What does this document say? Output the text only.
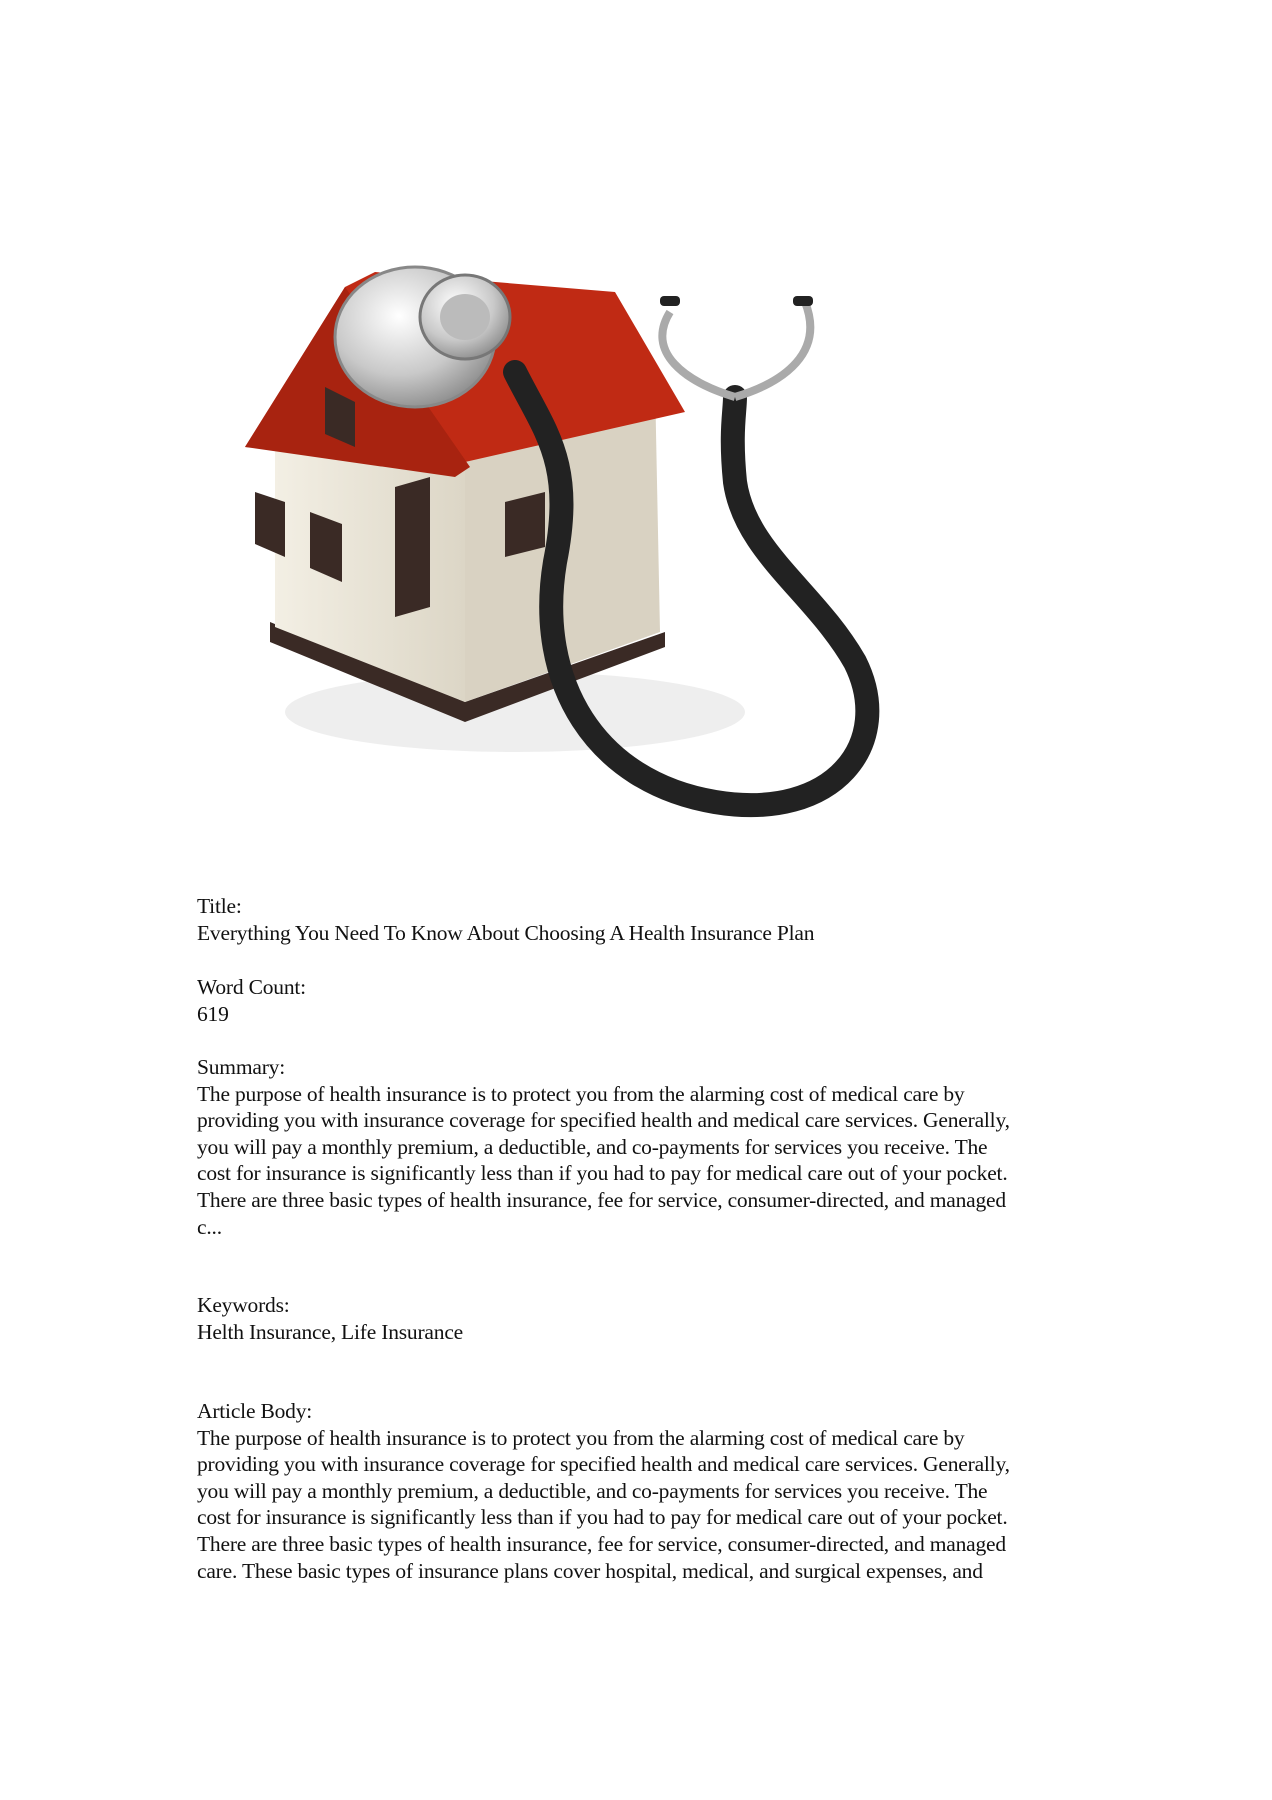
Title:
Everything You Need To Know About Choosing A Health Insurance Plan
Word Count:
619
Summary:
The purpose of health insurance is to protect you from the alarming cost of medical care by
providing you with insurance coverage for specified health and medical care services. Generally,
you will pay a monthly premium, a deductible, and co-payments for services you receive. The
cost for insurance is significantly less than if you had to pay for medical care out of your pocket.
There are three basic types of health insurance, fee for service, consumer-directed, and managed
c...
Keywords:
Helth Insurance, Life Insurance
Article Body:
The purpose of health insurance is to protect you from the alarming cost of medical care by
providing you with insurance coverage for specified health and medical care services. Generally,
you will pay a monthly premium, a deductible, and co-payments for services you receive. The
cost for insurance is significantly less than if you had to pay for medical care out of your pocket.
There are three basic types of health insurance, fee for service, consumer-directed, and managed
care. These basic types of insurance plans cover hospital, medical, and surgical expenses, and
